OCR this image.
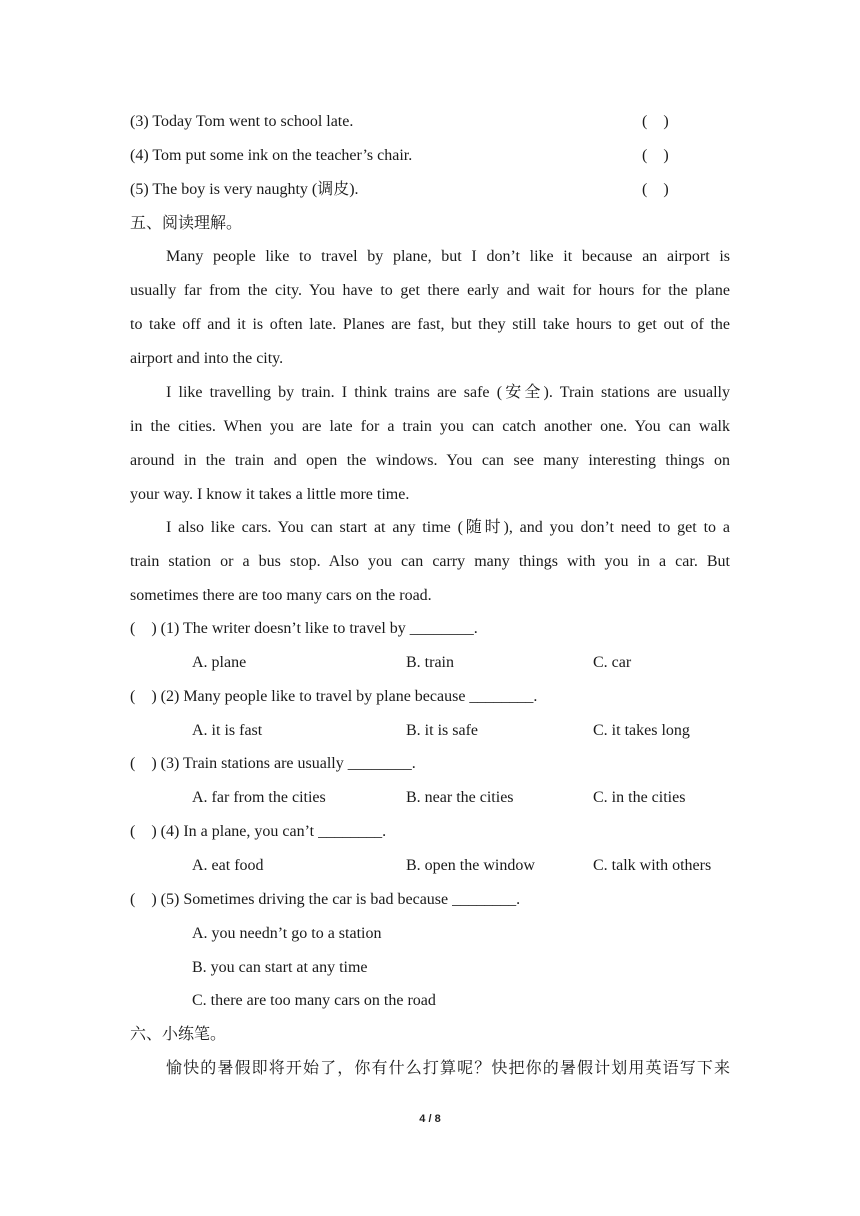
(3) Today Tom went to school late.	(    )
(4) Tom put some ink on the teacher’s chair.	(    )
(5) The boy is very naughty (调皮).	(    )
五、阅读理解。
Many people like to travel by plane, but I don’t like it because an airport is
usually far from the city. You have to get there early and wait for hours for the plane
to take off and it is often late. Planes are fast, but they still take hours to get out of the
airport and into the city.
I like travelling by train. I think trains are safe (安全). Train stations are usually
in the cities. When you are late for a train you can catch another one. You can walk
around in the train and open the windows. You can see many interesting things on
your way. I know it takes a little more time.
I also like cars. You can start at any time (随时), and you don’t need to get to a
train station or a bus stop. Also you can carry many things with you in a car. But
sometimes there are too many cars on the road.
(    ) (1) The writer doesn’t like to travel by ________.
A. plane	B. train	C. car
(    ) (2) Many people like to travel by plane because ________.
A. it is fast	B. it is safe	C. it takes long
(    ) (3) Train stations are usually ________.
A. far from the cities	B. near the cities	C. in the cities
(    ) (4) In a plane, you can’t ________.
A. eat food	B. open the window	C. talk with others
(    ) (5) Sometimes driving the car is bad because ________.
A. you needn’t go to a station
B. you can start at any time
C. there are too many cars on the road
六、小练笔。
愉快的暑假即将开始了，你有什么打算呢？快把你的暑假计划用英语写下来
4 / 8
